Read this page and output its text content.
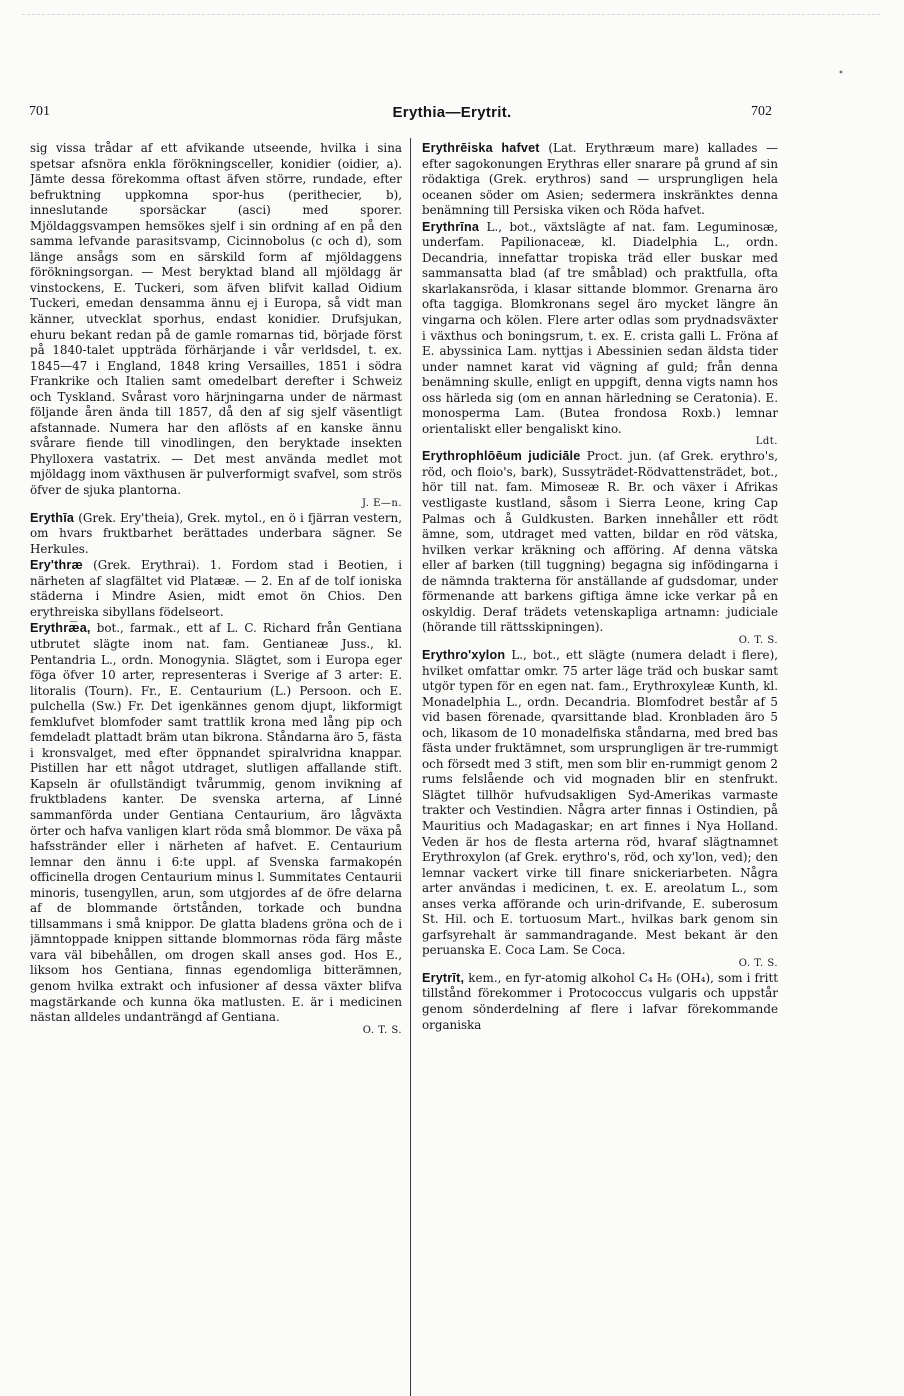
•
701	Erythia—Erytrit.	702

sig vissa trådar af ett afvikande utseende, hvilka i sina spetsar afsnöra enkla förökningsceller, konidier (oidier, a). Jämte dessa förekomma oftast äfven större, rundade, efter befruktning uppkomna spor-hus (perithecier, b), inneslutande sporsäckar (asci) med sporer. Mjöldaggsvampen hemsökes sjelf i sin ordning af en på den samma lefvande parasitsvamp, Cicinnobolus (c och d), som länge ansågs som en särskild form af mjöldaggens förökningsorgan. — Mest beryktad bland all mjöldagg är vinstockens, E. Tuckeri, som äfven blifvit kallad Oidium Tuckeri, emedan densamma ännu ej i Europa, så vidt man känner, utvecklat sporhus, endast konidier. Drufsjukan, ehuru bekant redan på de gamle romarnas tid, började först på 1840-talet uppträda förhärjande i vår verldsdel, t. ex. 1845—47 i England, 1848 kring Versailles, 1851 i södra Frankrike och Italien samt omedelbart derefter i Schweiz och Tyskland. Svårast voro härjningarna under de närmast följande åren ända till 1857, då den af sig sjelf väsentligt afstannade. Numera har den aflösts af en kanske ännu svårare fiende till vinodlingen, den beryktade insekten Phylloxera vastatrix. — Det mest använda medlet mot mjöldagg inom växthusen är pulverformigt svafvel, som strös öfver de sjuka plantorna.
J. E—n.

Erythīa (Grek. Ery'theia), Grek. mytol., en ö i fjärran vestern, om hvars fruktbarhet berättades underbara sägner. Se Herkules.

Ery'thræ (Grek. Erythrai). 1. Fordom stad i Beotien, i närheten af slagfältet vid Platææ. — 2. En af de tolf ioniska städerna i Mindre Asien, midt emot ön Chios. Den erythreiska sibyllans födelseort.

Erythræ̅a, bot., farmak., ett af L. C. Richard från Gentiana utbrutet slägte inom nat. fam. Gentianeæ Juss., kl. Pentandria L., ordn. Monogynia. Slägtet, som i Europa eger föga öfver 10 arter, representeras i Sverige af 3 arter: E. litoralis (Tourn). Fr., E. Centaurium (L.) Persoon. och E. pulchella (Sw.) Fr. Det igenkännes genom djupt, likformigt femklufvet blomfoder samt trattlik krona med lång pip och femdeladt plattadt bräm utan bikrona. Ståndarna äro 5, fästa i kronsvalget, med efter öppnandet spiralvridna knappar. Pistillen har ett något utdraget, slutligen affallande stift. Kapseln är ofullständigt tvårummig, genom invikning af fruktbladens kanter. De svenska arterna, af Linné sammanförda under Gentiana Centaurium, äro lågväxta örter och hafva vanligen klart röda små blommor. De växa på hafsstränder eller i närheten af hafvet. E. Centaurium lemnar den ännu i 6:te uppl. af Svenska farmakopén officinella drogen Centaurium minus l. Summitates Centaurii minoris, tusengyllen, arun, som utgjordes af de öfre delarna af de blommande örtstånden, torkade och bundna tillsammans i små knippor. De glatta bladens gröna och de i jämntoppade knippen sittande blommornas röda färg måste vara väl bibehållen, om drogen skall anses god. Hos E., liksom hos Gentiana, finnas egendomliga bitterämnen, genom hvilka extrakt och infusioner af dessa växter blifva magstärkande och kunna öka matlusten. E. är i medicinen nästan alldeles undanträngd af Gentiana.
O. T. S.

Erythrēiska hafvet (Lat. Erythræum mare) kallades — efter sagokonungen Erythras eller snarare på grund af sin rödaktiga (Grek. erythros) sand — ursprungligen hela oceanen söder om Asien; sedermera inskränktes denna benämning till Persiska viken och Röda hafvet.

Erythrīna L., bot., växtslägte af nat. fam. Leguminosæ, underfam. Papilionaceæ, kl. Diadelphia L., ordn. Decandria, innefattar tropiska träd eller buskar med sammansatta blad (af tre småblad) och praktfulla, ofta skarlakansröda, i klasar sittande blommor. Grenarna äro ofta taggiga. Blomkronans segel äro mycket längre än vingarna och kölen. Flere arter odlas som prydnadsväxter i växthus och boningsrum, t. ex. E. crista galli L. Fröna af E. abyssinica Lam. nyttjas i Abessinien sedan äldsta tider under namnet karat vid vägning af guld; från denna benämning skulle, enligt en uppgift, denna vigts namn hos oss härleda sig (om en annan härledning se Ceratonia). E. monosperma Lam. (Butea frondosa Roxb.) lemnar orientaliskt eller bengaliskt kino.
Ldt.

Erythrophlōēum judiciāle Proct. jun. (af Grek. erythro's, röd, och floio's, bark), Sussyträdet-Rödvattensträdet, bot., hör till nat. fam. Mimoseæ R. Br. och växer i Afrikas vestligaste kustland, såsom i Sierra Leone, kring Cap Palmas och å Guldkusten. Barken innehåller ett rödt ämne, som, utdraget med vatten, bildar en röd vätska, hvilken verkar kräkning och afföring. Af denna vätska eller af barken (till tuggning) begagna sig infödingarna i de nämnda trakterna för anställande af gudsdomar, under förmenande att barkens giftiga ämne icke verkar på en oskyldig. Deraf trädets vetenskapliga artnamn: judiciale (hörande till rättsskipningen).
O. T. S.

Erythro'xylon L., bot., ett slägte (numera deladt i flere), hvilket omfattar omkr. 75 arter läge träd och buskar samt utgör typen för en egen nat. fam., Erythroxyleæ Kunth, kl. Monadelphia L., ordn. Decandria. Blomfodret består af 5 vid basen förenade, qvarsittande blad. Kronbladen äro 5 och, likasom de 10 monadelfiska ståndarna, med bred bas fästa under fruktämnet, som ursprungligen är tre-rummigt och försedt med 3 stift, men som blir en-rummigt genom 2 rums felslående och vid mognaden blir en stenfrukt. Slägtet tillhör hufvudsakligen Syd-Amerikas varmaste trakter och Vestindien. Några arter finnas i Ostindien, på Mauritius och Madagaskar; en art finnes i Nya Holland. Veden är hos de flesta arterna röd, hvaraf slägtnamnet Erythroxylon (af Grek. erythro's, röd, och xy'lon, ved); den lemnar vackert virke till finare snickeriarbeten. Några arter användas i medicinen, t. ex. E. areolatum L., som anses verka afförande och urin-drifvande, E. suberosum St. Hil. och E. tortuosum Mart., hvilkas bark genom sin garfsyrehalt är sammandragande. Mest bekant är den peruanska E. Coca Lam. Se Coca.
O. T. S.

Erytrīt, kem., en fyr-atomig alkohol C₄ H₆ (OH₄), som i fritt tillstånd förekommer i Protococcus vulgaris och uppstår genom sönderdelning af flere i lafvar förekommande organiska
